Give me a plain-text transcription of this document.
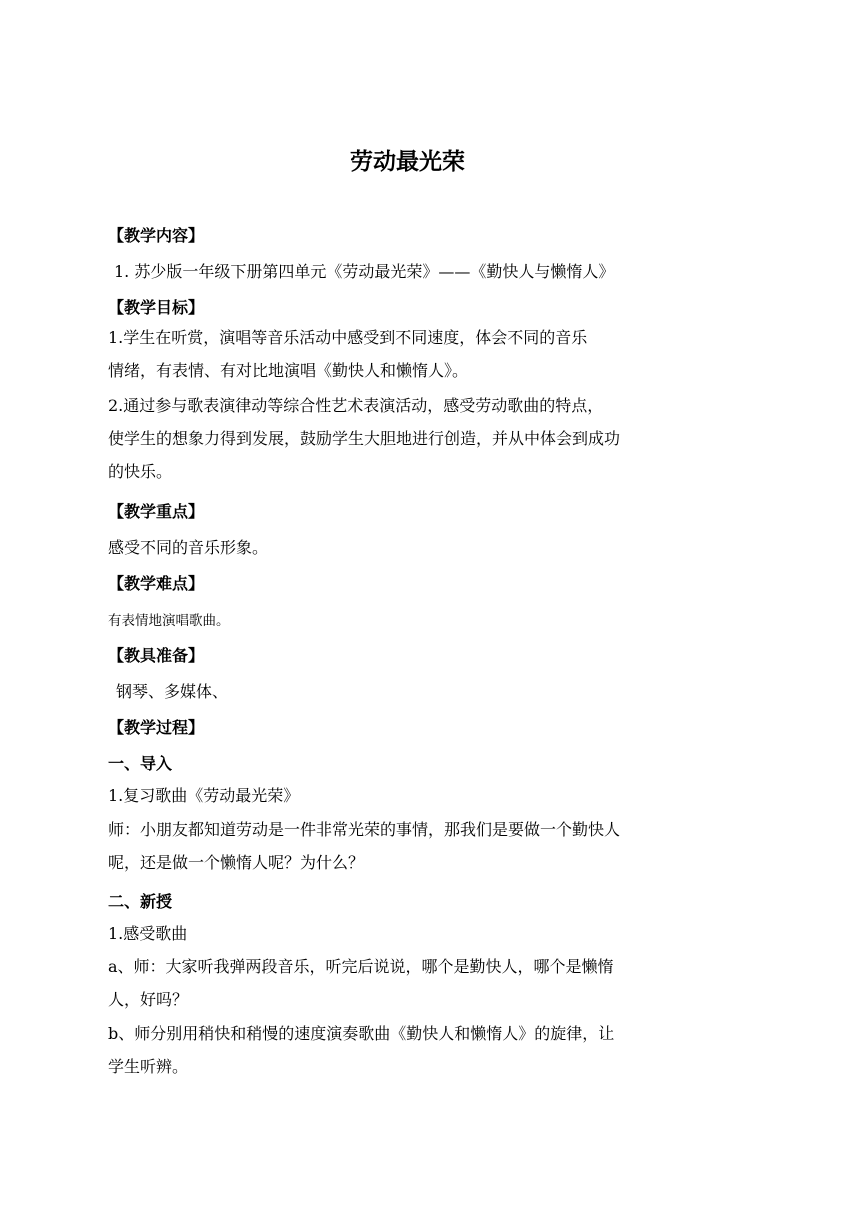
劳动最光荣
【教学内容】
1. 苏少版一年级下册第四单元《劳动最光荣》——《勤快人与懒惰人》
【教学目标】
1.学生在听赏，演唱等音乐活动中感受到不同速度，体会不同的音乐
情绪，有表情、有对比地演唱《勤快人和懒惰人》。
2.通过参与歌表演律动等综合性艺术表演活动，感受劳动歌曲的特点，
使学生的想象力得到发展，鼓励学生大胆地进行创造，并从中体会到成功
的快乐。
【教学重点】
感受不同的音乐形象。
【教学难点】
有表情地演唱歌曲。
【教具准备】
钢琴、多媒体、
【教学过程】
一、导入
1.复习歌曲《劳动最光荣》
师：小朋友都知道劳动是一件非常光荣的事情，那我们是要做一个勤快人
呢，还是做一个懒惰人呢？为什么？
二、新授
1.感受歌曲
a、师：大家听我弹两段音乐，听完后说说，哪个是勤快人，哪个是懒惰
人，好吗？
b、师分别用稍快和稍慢的速度演奏歌曲《勤快人和懒惰人》的旋律，让
学生听辨。
